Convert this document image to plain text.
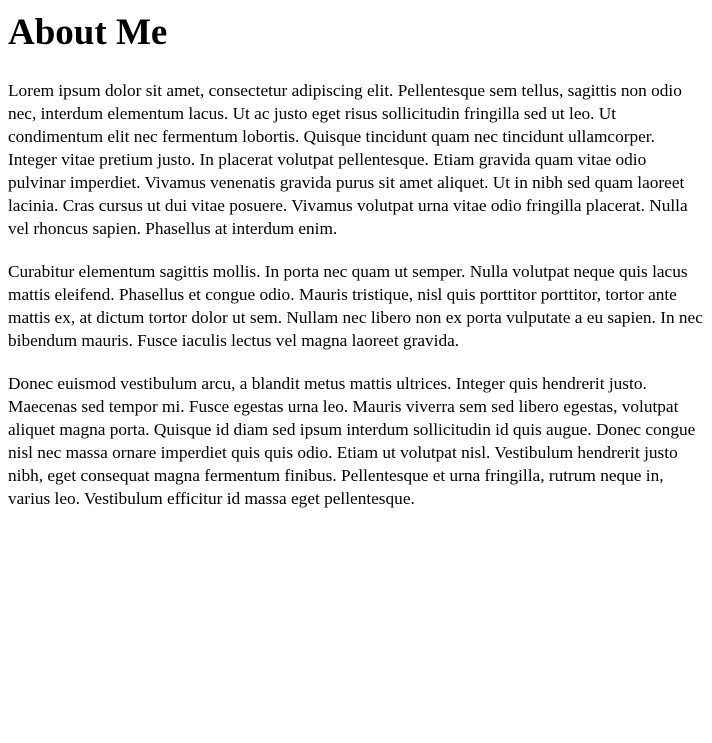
About Me

Lorem ipsum dolor sit amet, consectetur adipiscing elit. Pellentesque sem tellus, sagittis non odio nec, interdum elementum lacus. Ut ac justo eget risus sollicitudin fringilla sed ut leo. Ut condimentum elit nec fermentum lobortis. Quisque tincidunt quam nec tincidunt ullamcorper. Integer vitae pretium justo. In placerat volutpat pellentesque. Etiam gravida quam vitae odio pulvinar imperdiet. Vivamus venenatis gravida purus sit amet aliquet. Ut in nibh sed quam laoreet lacinia. Cras cursus ut dui vitae posuere. Vivamus volutpat urna vitae odio fringilla placerat. Nulla vel rhoncus sapien. Phasellus at interdum enim.

Curabitur elementum sagittis mollis. In porta nec quam ut semper. Nulla volutpat neque quis lacus mattis eleifend. Phasellus et congue odio. Mauris tristique, nisl quis porttitor porttitor, tortor ante mattis ex, at dictum tortor dolor ut sem. Nullam nec libero non ex porta vulputate a eu sapien. In nec bibendum mauris. Fusce iaculis lectus vel magna laoreet gravida.

Donec euismod vestibulum arcu, a blandit metus mattis ultrices. Integer quis hendrerit justo. Maecenas sed tempor mi. Fusce egestas urna leo. Mauris viverra sem sed libero egestas, volutpat aliquet magna porta. Quisque id diam sed ipsum interdum sollicitudin id quis augue. Donec congue nisl nec massa ornare imperdiet quis quis odio. Etiam ut volutpat nisl. Vestibulum hendrerit justo nibh, eget consequat magna fermentum finibus. Pellentesque et urna fringilla, rutrum neque in, varius leo. Vestibulum efficitur id massa eget pellentesque.
